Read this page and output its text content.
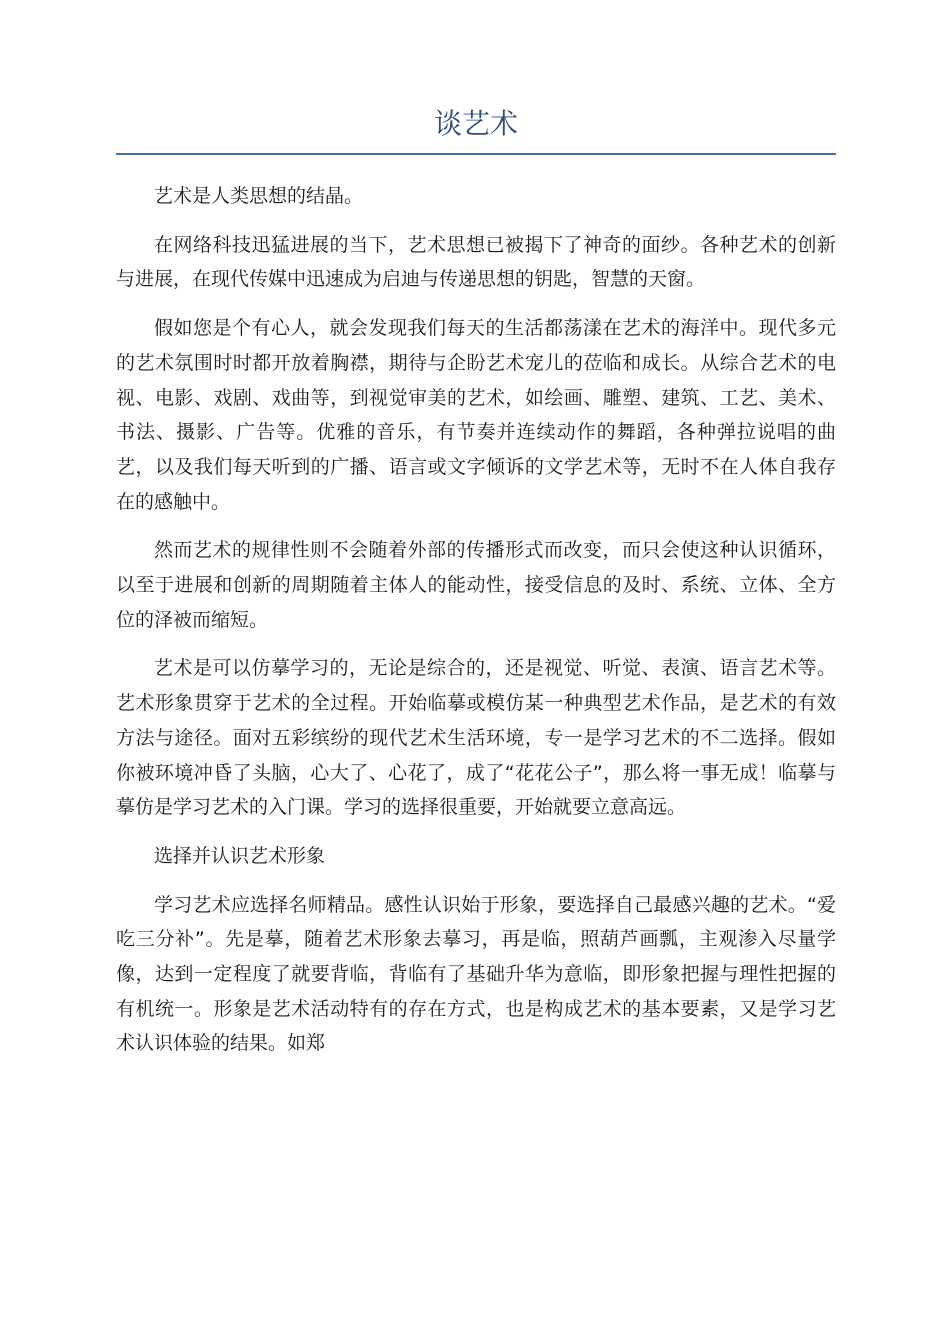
谈艺术

艺术是人类思想的结晶。

在网络科技迅猛进展的当下，艺术思想已被揭下了神奇的面纱。各种艺术的创新与进展，在现代传媒中迅速成为启迪与传递思想的钥匙，智慧的天窗。

假如您是个有心人，就会发现我们每天的生活都荡漾在艺术的海洋中。现代多元的艺术氛围时时都开放着胸襟，期待与企盼艺术宠儿的莅临和成长。从综合艺术的电视、电影、戏剧、戏曲等，到视觉审美的艺术，如绘画、雕塑、建筑、工艺、美术、书法、摄影、广告等。优雅的音乐，有节奏并连续动作的舞蹈，各种弹拉说唱的曲艺，以及我们每天听到的广播、语言或文字倾诉的文学艺术等，无时不在人体自我存在的感触中。

然而艺术的规律性则不会随着外部的传播形式而改变，而只会使这种认识循环，以至于进展和创新的周期随着主体人的能动性，接受信息的及时、系统、立体、全方位的泽被而缩短。

艺术是可以仿摹学习的，无论是综合的，还是视觉、听觉、表演、语言艺术等。艺术形象贯穿于艺术的全过程。开始临摹或模仿某一种典型艺术作品，是艺术的有效方法与途径。面对五彩缤纷的现代艺术生活环境，专一是学习艺术的不二选择。假如你被环境冲昏了头脑，心大了、心花了，成了“花花公子”，那么将一事无成！临摹与摹仿是学习艺术的入门课。学习的选择很重要，开始就要立意高远。

选择并认识艺术形象

学习艺术应选择名师精品。感性认识始于形象，要选择自己最感兴趣的艺术。“爱吃三分补”。先是摹，随着艺术形象去摹习，再是临，照葫芦画瓢，主观渗入尽量学像，达到一定程度了就要背临，背临有了基础升华为意临，即形象把握与理性把握的有机统一。形象是艺术活动特有的存在方式，也是构成艺术的基本要素，又是学习艺术认识体验的结果。如郑
